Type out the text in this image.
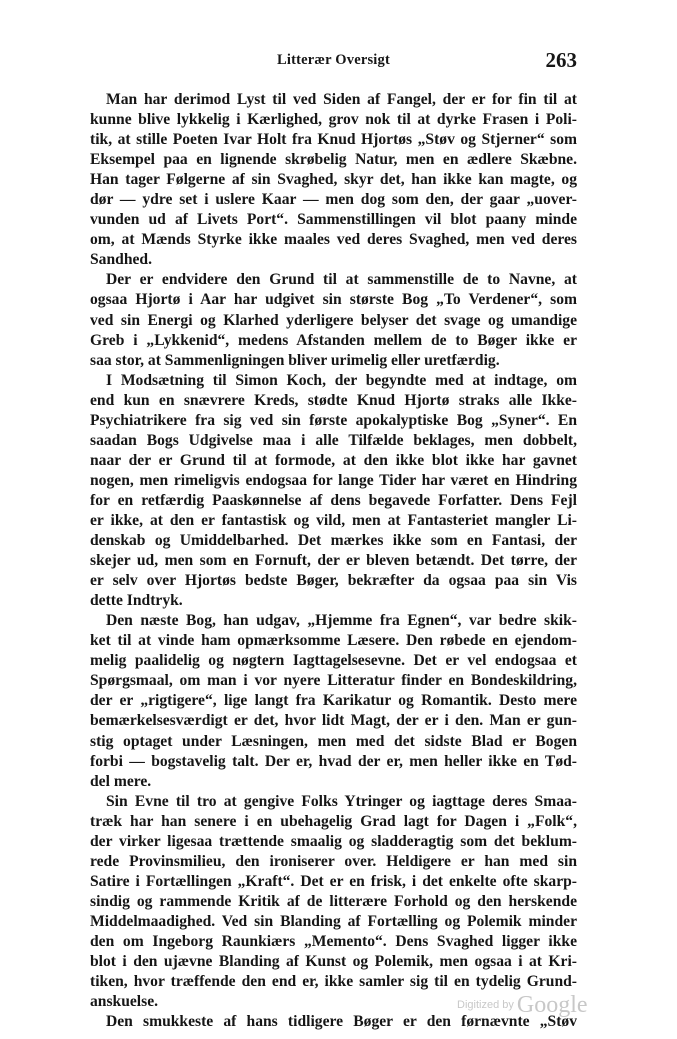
Litterær Oversigt	263
Man har derimod Lyst til ved Siden af Fangel, der er for fin til at
kunne blive lykkelig i Kærlighed, grov nok til at dyrke Frasen i Poli-
tik, at stille Poeten Ivar Holt fra Knud Hjortøs „Støv og Stjerner“ som
Eksempel paa en lignende skrøbelig Natur, men en ædlere Skæbne.
Han tager Følgerne af sin Svaghed, skyr det, han ikke kan magte, og
dør — ydre set i uslere Kaar — men dog som den, der gaar „uover-
vunden ud af Livets Port“. Sammenstillingen vil blot paany minde
om, at Mænds Styrke ikke maales ved deres Svaghed, men ved deres
Sandhed.
Der er endvidere den Grund til at sammenstille de to Navne, at
ogsaa Hjortø i Aar har udgivet sin største Bog „To Verdener“, som
ved sin Energi og Klarhed yderligere belyser det svage og umandige
Greb i „Lykkenid“, medens Afstanden mellem de to Bøger ikke er
saa stor, at Sammenligningen bliver urimelig eller uretfærdig.
I Modsætning til Simon Koch, der begyndte med at indtage, om
end kun en snævrere Kreds, stødte Knud Hjortø straks alle Ikke-
Psychiatrikere fra sig ved sin første apokalyptiske Bog „Syner“. En
saadan Bogs Udgivelse maa i alle Tilfælde beklages, men dobbelt,
naar der er Grund til at formode, at den ikke blot ikke har gavnet
nogen, men rimeligvis endogsaa for lange Tider har været en Hindring
for en retfærdig Paaskønnelse af dens begavede Forfatter. Dens Fejl
er ikke, at den er fantastisk og vild, men at Fantasteriet mangler Li-
denskab og Umiddelbarhed. Det mærkes ikke som en Fantasi, der
skejer ud, men som en Fornuft, der er bleven betændt. Det tørre, der
er selv over Hjortøs bedste Bøger, bekræfter da ogsaa paa sin Vis
dette Indtryk.
Den næste Bog, han udgav, „Hjemme fra Egnen“, var bedre skik-
ket til at vinde ham opmærksomme Læsere. Den røbede en ejendom-
melig paalidelig og nøgtern Iagttagelsesevne. Det er vel endogsaa et
Spørgsmaal, om man i vor nyere Litteratur finder en Bondeskildring,
der er „rigtigere“, lige langt fra Karikatur og Romantik. Desto mere
bemærkelsesværdigt er det, hvor lidt Magt, der er i den. Man er gun-
stig optaget under Læsningen, men med det sidste Blad er Bogen
forbi — bogstavelig talt. Der er, hvad der er, men heller ikke en Tød-
del mere.
Sin Evne til tro at gengive Folks Ytringer og iagttage deres Smaa-
træk har han senere i en ubehagelig Grad lagt for Dagen i „Folk“,
der virker ligesaa trættende smaalig og sladderagtig som det beklum-
rede Provinsmilieu, den ironiserer over. Heldigere er han med sin
Satire i Fortællingen „Kraft“. Det er en frisk, i det enkelte ofte skarp-
sindig og rammende Kritik af de litterære Forhold og den herskende
Middelmaadighed. Ved sin Blanding af Fortælling og Polemik minder
den om Ingeborg Raunkiærs „Memento“. Dens Svaghed ligger ikke
blot i den ujævne Blanding af Kunst og Polemik, men ogsaa i at Kri-
tiken, hvor træffende den end er, ikke samler sig til en tydelig Grund-
anskuelse.
Den smukkeste af hans tidligere Bøger er den førnævnte „Støv
$^{Digitized by}$ Google
